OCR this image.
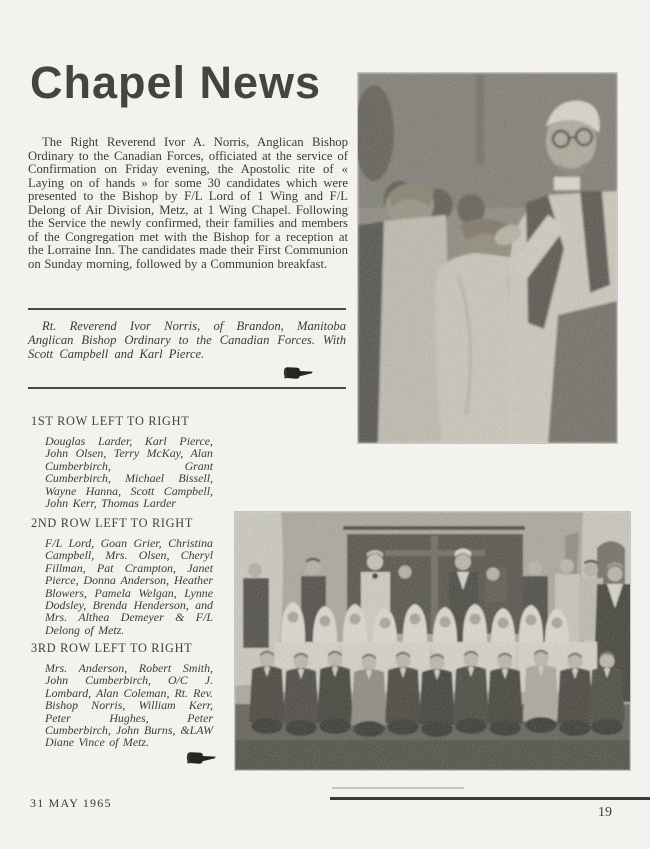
Chapel News

The Right Reverend Ivor A. Norris, Anglican Bishop Ordinary to the Canadian Forces, officiated at the service of Confirmation on Friday evening, the Apostolic rite of « Laying on of hands » for some 30 candidates which were presented to the Bishop by F/L Lord of 1 Wing and F/L Delong of Air Division, Metz, at 1 Wing Chapel. Following the Service the newly confirmed, their families and members of the Congregation met with the Bishop for a reception at the Lorraine Inn. The candidates made their First Communion on Sunday morning, followed by a Communion breakfast.

Rt. Reverend Ivor Norris, of Brandon, Manitoba Anglican Bishop Ordinary to the Canadian Forces. With Scott Campbell and Karl Pierce.

1ST ROW LEFT TO RIGHT

Douglas Larder, Karl Pierce, John Olsen, Terry McKay, Alan Cumberbirch, Grant Cumberbirch, Michael Bissell, Wayne Hanna, Scott Campbell, John Kerr, Thomas Larder

2ND ROW LEFT TO RIGHT

F/L Lord, Goan Grier, Christina Campbell, Mrs. Olsen, Cheryl Fillman, Pat Crampton, Janet Pierce, Donna Anderson, Heather Blowers, Pamela Welgan, Lynne Dodsley, Brenda Henderson, and Mrs. Althea Demeyer & F/L Delong of Metz.

3RD ROW LEFT TO RIGHT

Mrs. Anderson, Robert Smith, John Cumberbirch, O/C J. Lombard, Alan Coleman, Rt. Rev. Bishop Norris, William Kerr, Peter Hughes, Peter Cumberbirch, John Burns, &LAW Diane Vince of Metz.

31 MAY 1965
19
